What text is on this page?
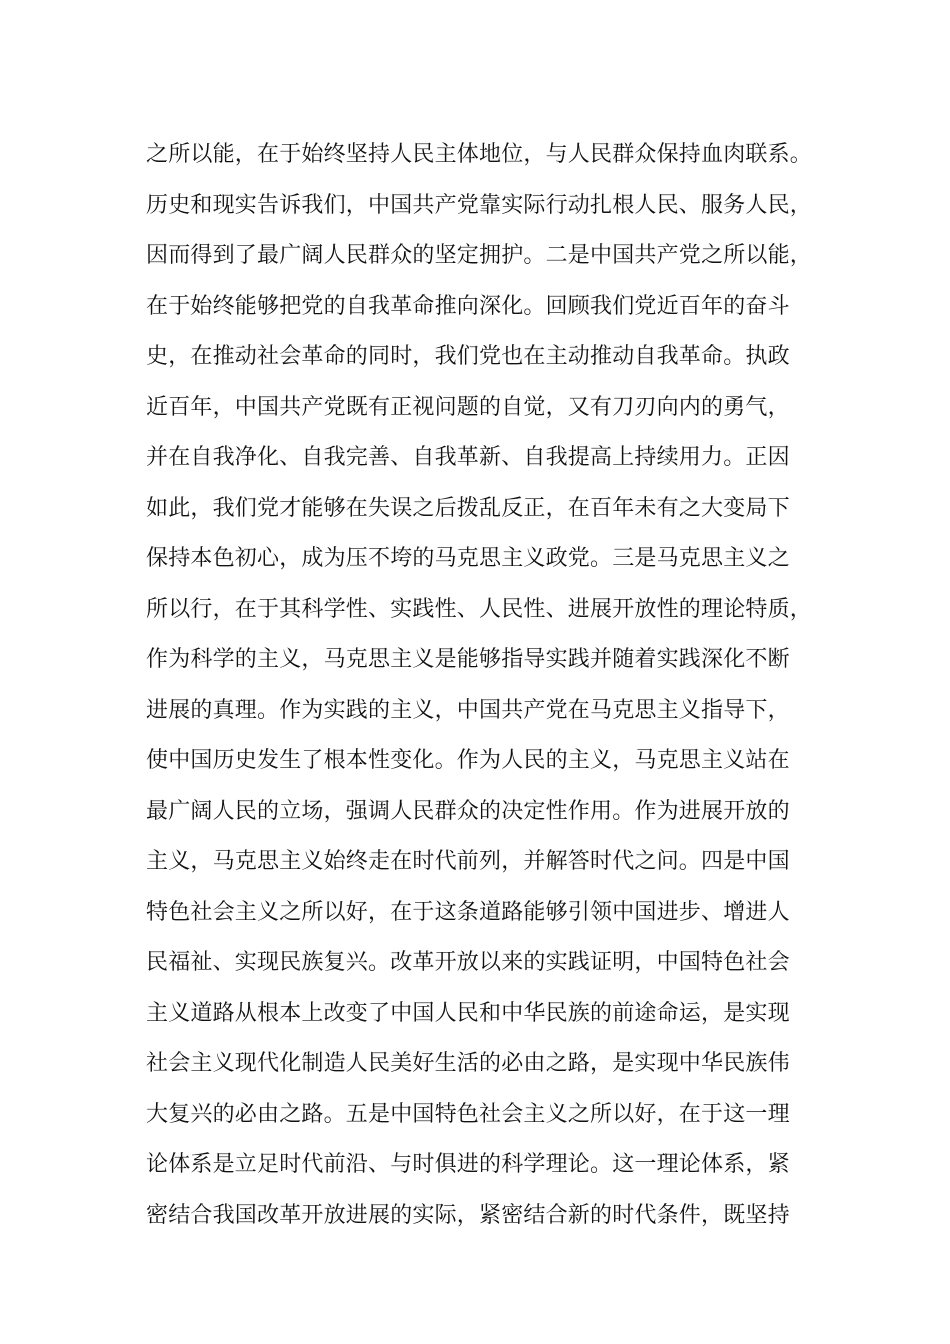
之所以能，在于始终坚持人民主体地位，与人民群众保持血肉联系。
历史和现实告诉我们，中国共产党靠实际行动扎根人民、服务人民，
因而得到了最广阔人民群众的坚定拥护。二是中国共产党之所以能，
在于始终能够把党的自我革命推向深化。回顾我们党近百年的奋斗
史，在推动社会革命的同时，我们党也在主动推动自我革命。执政
近百年，中国共产党既有正视问题的自觉，又有刀刃向内的勇气，
并在自我净化、自我完善、自我革新、自我提高上持续用力。正因
如此，我们党才能够在失误之后拨乱反正，在百年未有之大变局下
保持本色初心，成为压不垮的马克思主义政党。三是马克思主义之
所以行，在于其科学性、实践性、人民性、进展开放性的理论特质，
作为科学的主义，马克思主义是能够指导实践并随着实践深化不断
进展的真理。作为实践的主义，中国共产党在马克思主义指导下，
使中国历史发生了根本性变化。作为人民的主义，马克思主义站在
最广阔人民的立场，强调人民群众的决定性作用。作为进展开放的
主义，马克思主义始终走在时代前列，并解答时代之问。四是中国
特色社会主义之所以好，在于这条道路能够引领中国进步、增进人
民福祉、实现民族复兴。改革开放以来的实践证明，中国特色社会
主义道路从根本上改变了中国人民和中华民族的前途命运，是实现
社会主义现代化制造人民美好生活的必由之路，是实现中华民族伟
大复兴的必由之路。五是中国特色社会主义之所以好，在于这一理
论体系是立足时代前沿、与时俱进的科学理论。这一理论体系，紧
密结合我国改革开放进展的实际，紧密结合新的时代条件，既坚持
